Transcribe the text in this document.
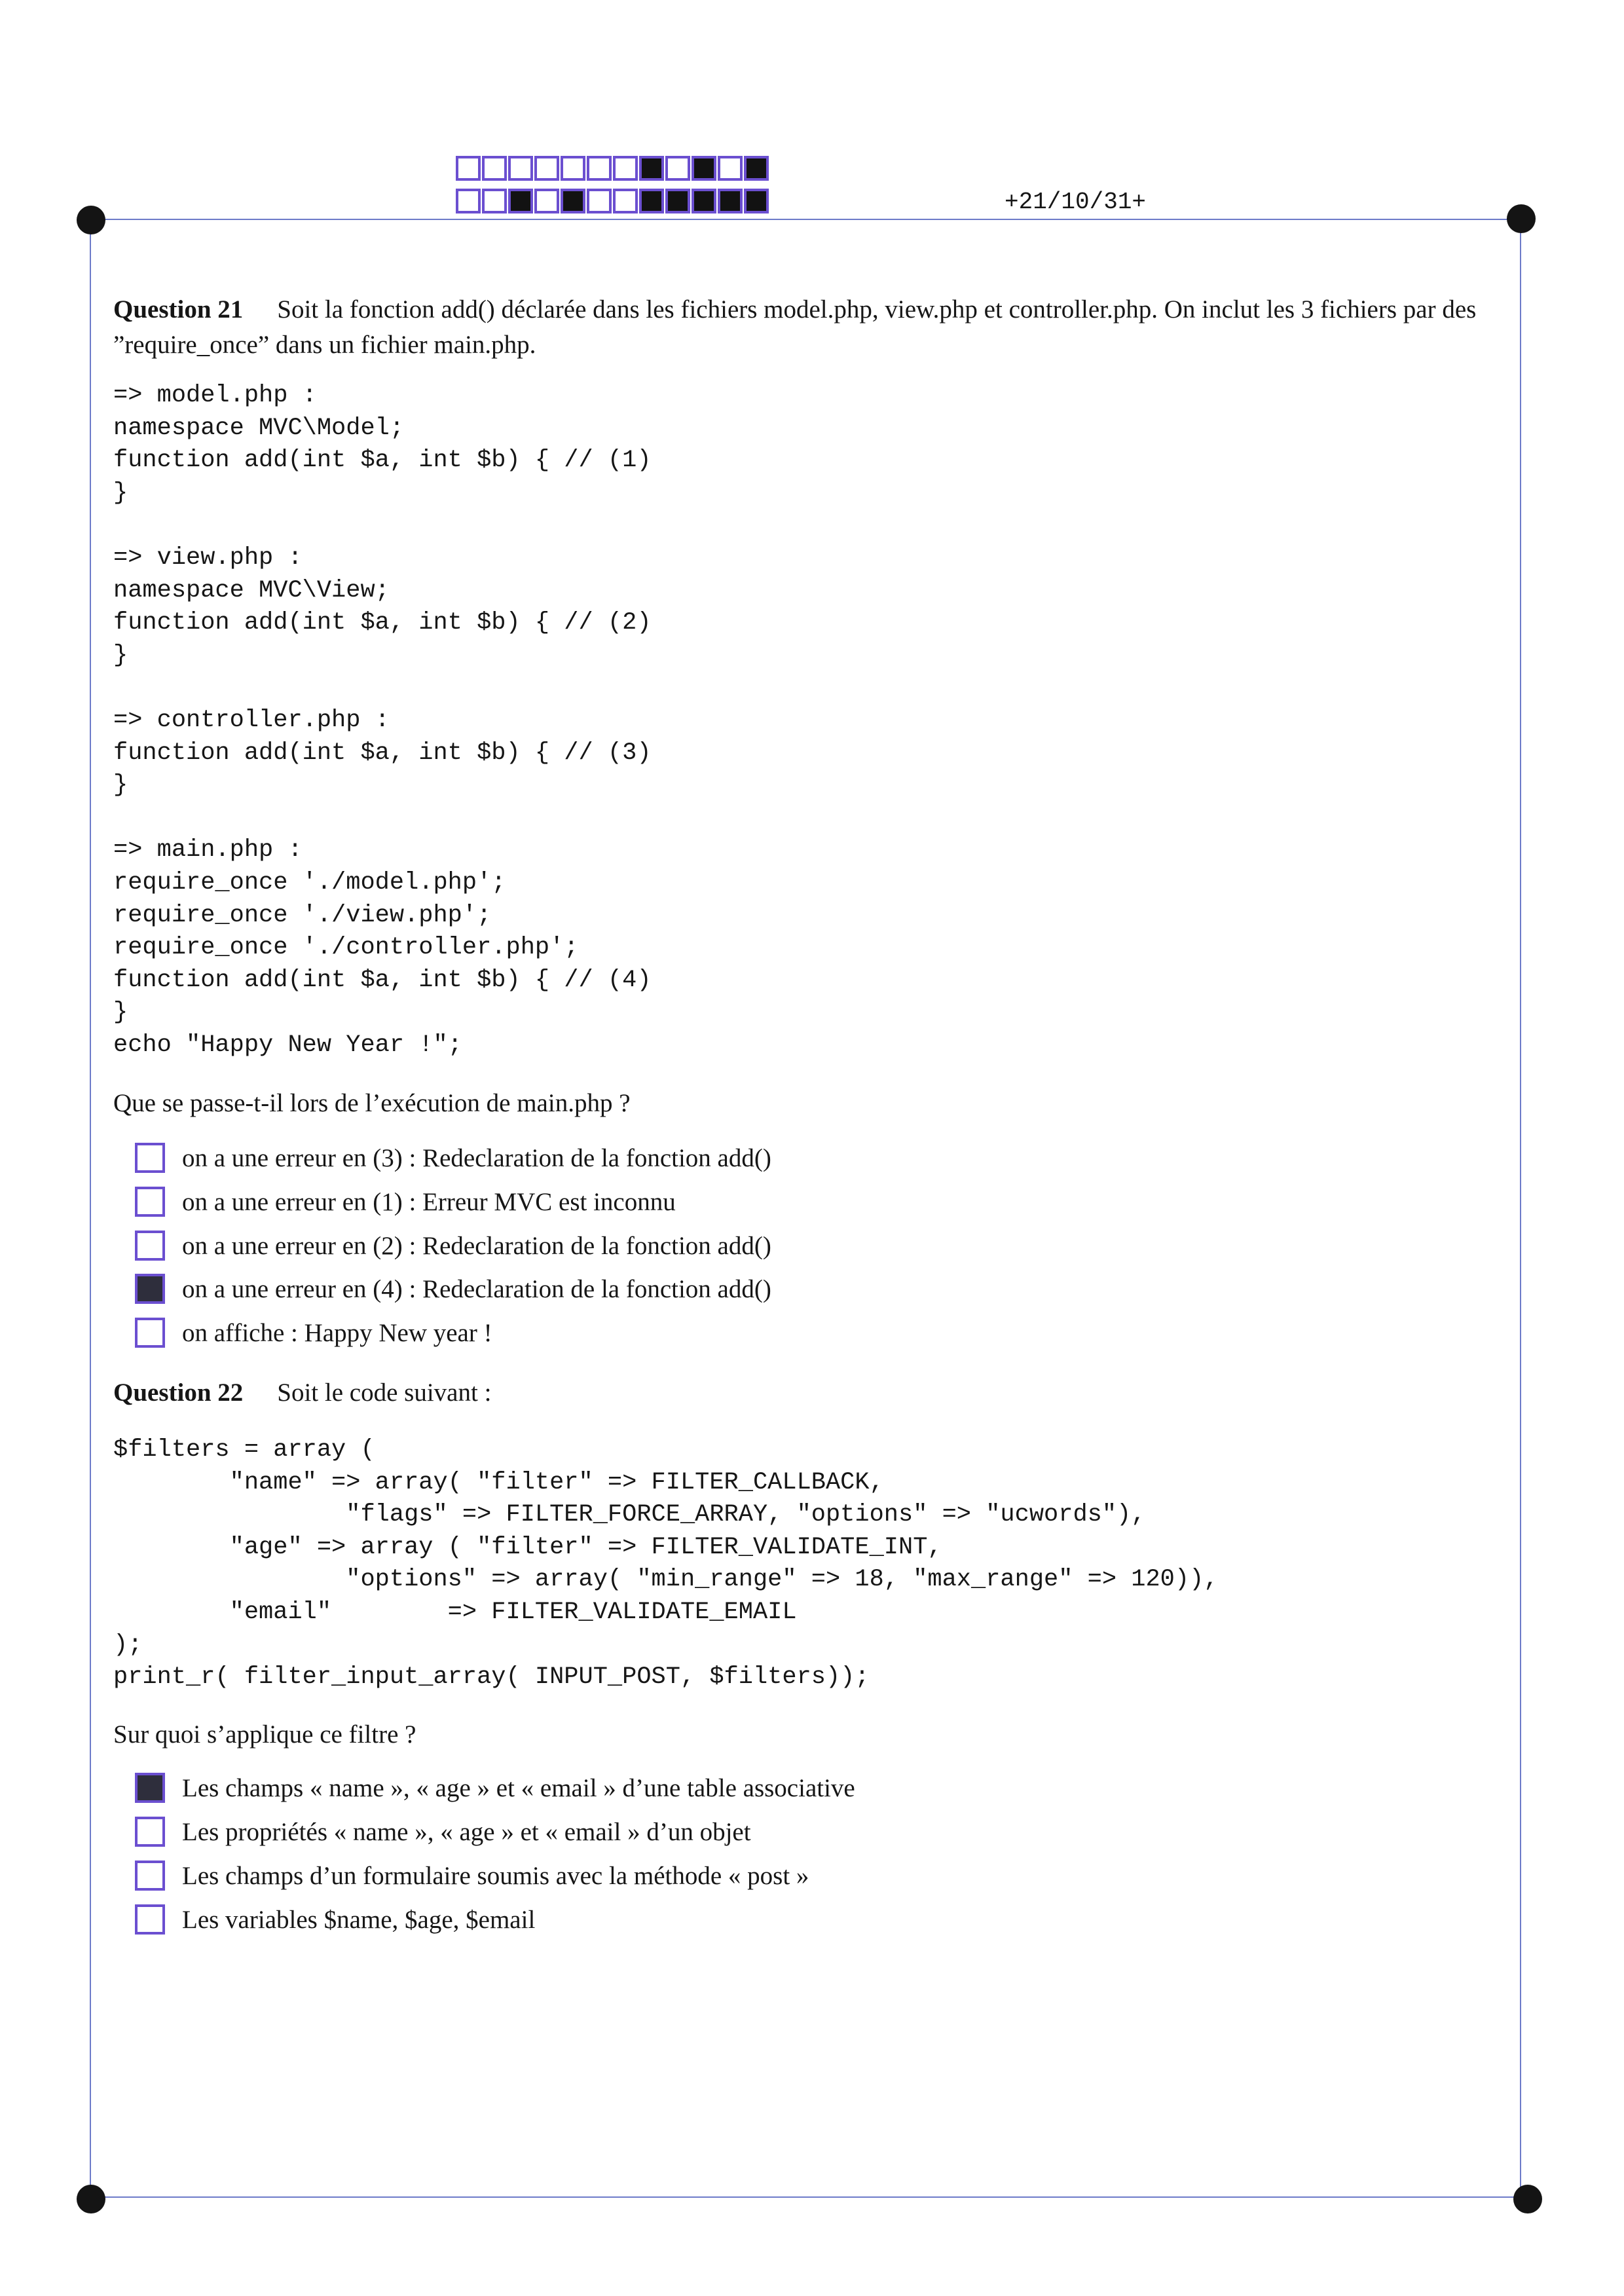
+21/10/31+
Question 21 Soit la fonction add() déclarée dans les fichiers model.php, view.php et controller.php. On inclut les 3 fichiers par des ”require_once” dans un fichier main.php.
=> model.php :
namespace MVC\Model;
function add(int $a, int $b) { // (1)
}

=> view.php :
namespace MVC\View;
function add(int $a, int $b) { // (2)
}

=> controller.php :
function add(int $a, int $b) { // (3)
}

=> main.php :
require_once './model.php';
require_once './view.php';
require_once './controller.php';
function add(int $a, int $b) { // (4)
}
echo "Happy New Year !";
Que se passe-t-il lors de l’exécution de main.php ?
on a une erreur en (3) : Redeclaration de la fonction add()
on a une erreur en (1) : Erreur MVC est inconnu
on a une erreur en (2) : Redeclaration de la fonction add()
on a une erreur en (4) : Redeclaration de la fonction add()
on affiche : Happy New year !
Question 22 Soit le code suivant :
$filters = array (
"name" => array( "filter" => FILTER_CALLBACK,
"flags" => FILTER_FORCE_ARRAY, "options" => "ucwords"),
"age" => array ( "filter" => FILTER_VALIDATE_INT,
"options" => array( "min_range" => 18, "max_range" => 120)),
"email"        => FILTER_VALIDATE_EMAIL
);
print_r( filter_input_array( INPUT_POST, $filters));
Sur quoi s’applique ce filtre ?
Les champs « name », « age » et « email » d’une table associative
Les propriétés « name », « age » et « email » d’un objet
Les champs d’un formulaire soumis avec la méthode « post »
Les variables $name, $age, $email
